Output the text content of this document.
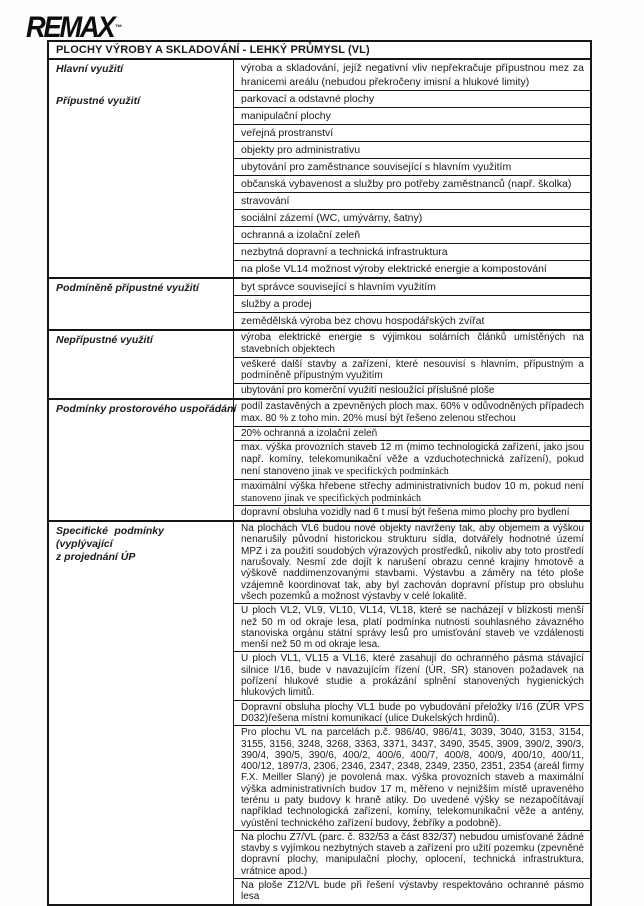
REMAX ™
PLOCHY VÝROBY A SKLADOVÁNÍ - LEHKÝ PRŮMYSL (VL)
Hlavní využití
Přípustné využití
výroba a skladování, jejíž negativní vliv nepřekračuje přípustnou mez za hranicemi areálu (nebudou překročeny imisní a hlukové limity)
parkovací a odstavné plochy
manipulační plochy
veřejná prostranství
objekty pro administrativu
ubytování pro zaměstnance související s hlavním využitím
občanská vybavenost a služby pro potřeby zaměstnanců (např. školka)
stravování
sociální zázemí (WC, umývárny, šatny)
ochranná a izolační zeleň
nezbytná dopravní a technická infrastruktura
na ploše VL14 možnost výroby elektrické energie a kompostování
Podmíněně přípustné využití	byt správce související s hlavním využitím
služby a prodej
zemědělská výroba bez chovu hospodářských zvířat
Nepřípustné využití	výroba elektrické energie s výjimkou solárních článků umístěných na stavebních objektech
veškeré další stavby a zařízení, které nesouvisí s hlavním, přípustným a podmíněně přípustným využitím
ubytování pro komerční využití nesloužící příslušné ploše
Podmínky prostorového uspořádání podíl zastavěných a zpevněných ploch max. 60% v odůvodněných případech max. 80 % z toho min. 20% musí být řešeno zelenou střechou
20% ochranná a izolační zeleň
max. výška provozních staveb 12 m (mimo technologická zařízení, jako jsou např. komíny, telekomunikační věže a vzduchotechnická zařízení), pokud není stanoveno jinak ve specifických podmínkách
maximální výška hřebene střechy administrativních budov 10 m, pokud není stanoveno jinak ve specifických podmínkách
dopravní obsluha vozidly nad 6 t musí být řešena mimo plochy pro bydlení
Specifické podmínky (vyplývající
z projednání ÚP
Na plochách VL6 budou nové objekty navrženy tak, aby objemem a výškou nenarušily původní historickou strukturu sídla, dotvářely hodnotné území MPZ i za použití soudobých výrazových prostředků, nikoliv aby toto prostředí narušovaly. Nesmí zde dojít k narušení obrazu cenné krajiny hmotově a výškově naddimenzovanými stavbami. Výstavbu a záměry na této ploše vzájemně koordinovat tak, aby byl zachován dopravní přístup pro obsluhu všech pozemků a možnost výstavby v celé lokalitě.
U ploch VL2, VL9, VL10, VL14, VL18, které se nacházejí v blízkosti menší než 50 m od okraje lesa, platí podmínka nutnosti souhlasného závazného stanoviska orgánu státní správy lesů pro umisťování staveb ve vzdálenosti menší než 50 m od okraje lesa.
U ploch VL1, VL15 a VL16, které zasahují do ochranného pásma stávající silnice I/16, bude v navazujícím řízení (ÚR, SR) stanoven požadavek na pořízení hlukové studie a prokázání splnění stanovených hygienických hlukových limitů.
Dopravní obsluha plochy VL1 bude po vybudování přeložky I/16 (ZÚR VPS D032)řešena místní komunikací (ulice Dukelských hrdinů).
Pro plochu VL na parcelách p.č. 986/40, 986/41, 3039, 3040, 3153, 3154, 3155, 3156, 3248, 3268, 3363, 3371, 3437, 3490, 3545, 3909, 390/2, 390/3, 390/4, 390/5, 390/6, 400/2, 400/6, 400/7, 400/8, 400/9, 400/10, 400/11, 400/12, 1897/3, 2306, 2346, 2347, 2348, 2349, 2350, 2351, 2354 (areál firmy F.X. Meiller Slaný) je povolená max. výška provozních staveb a maximální výška administrativních budov 17 m, měřeno v nejnižším místě upraveného terénu u paty budovy k hraně atiky. Do uvedené výšky se nezapočítávají například technologická zařízení, komíny, telekomunikační věže a antény, vyústění technického zařízení budovy, žebříky a podobně).
Na plochu Z7/VL (parc. č. 832/53 a část 832/37) nebudou umisťované žádné stavby s vyjímkou nezbytných staveb a zařízení pro užití pozemku (zpevněné dopravní plochy, manipulační plochy, oplocení, technická infrastruktura, vrátnice apod.)
Na ploše Z12/VL bude při řešení výstavby respektováno ochranné pásmo lesa
